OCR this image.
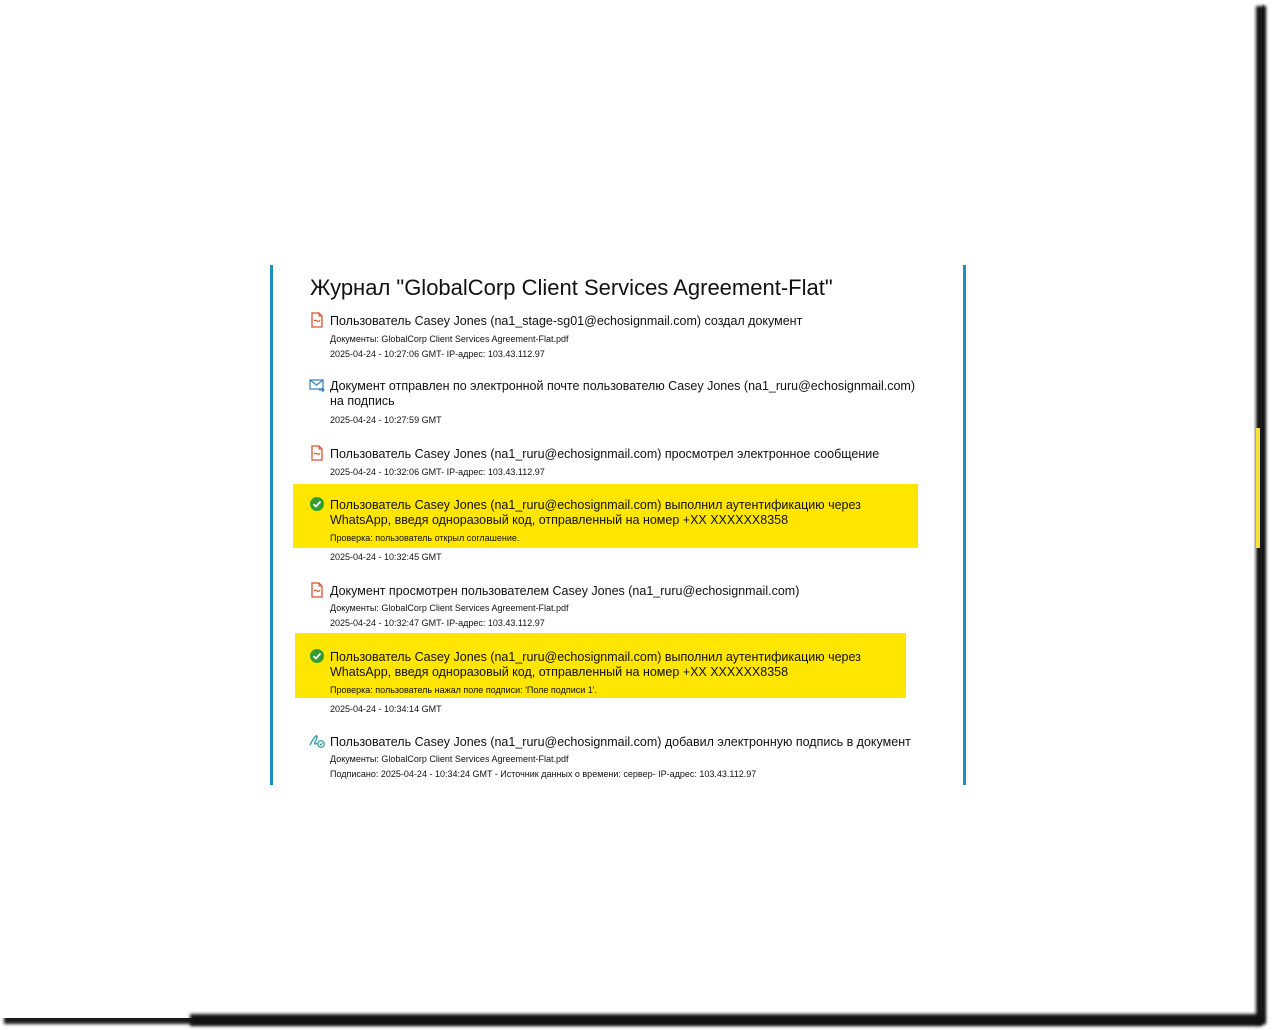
Журнал "GlobalCorp Client Services Agreement-Flat"
Пользователь Casey Jones (na1_stage-sg01@echosignmail.com) создал документ
Документы: GlobalCorp Client Services Agreement-Flat.pdf
2025-04-24 - 10:27:06 GMT- IP-адрес: 103.43.112.97
Документ отправлен по электронной почте пользователю Casey Jones (na1_ruru@echosignmail.com) на подпись
2025-04-24 - 10:27:59 GMT
Пользователь Casey Jones (na1_ruru@echosignmail.com) просмотрел электронное сообщение
2025-04-24 - 10:32:06 GMT- IP-адрес: 103.43.112.97
Пользователь Casey Jones (na1_ruru@echosignmail.com) выполнил аутентификацию через WhatsApp, введя одноразовый код, отправленный на номер +XX XXXXXX8358
Проверка: пользователь открыл соглашение.
2025-04-24 - 10:32:45 GMT
Документ просмотрен пользователем Casey Jones (na1_ruru@echosignmail.com)
Документы: GlobalCorp Client Services Agreement-Flat.pdf
2025-04-24 - 10:32:47 GMT- IP-адрес: 103.43.112.97
Пользователь Casey Jones (na1_ruru@echosignmail.com) выполнил аутентификацию через WhatsApp, введя одноразовый код, отправленный на номер +XX XXXXXX8358
Проверка: пользователь нажал поле подписи: 'Поле подписи 1'.
2025-04-24 - 10:34:14 GMT
Пользователь Casey Jones (na1_ruru@echosignmail.com) добавил электронную подпись в документ
Документы: GlobalCorp Client Services Agreement-Flat.pdf
Подписано: 2025-04-24 - 10:34:24 GMT - Источник данных о времени: сервер- IP-адрес: 103.43.112.97
